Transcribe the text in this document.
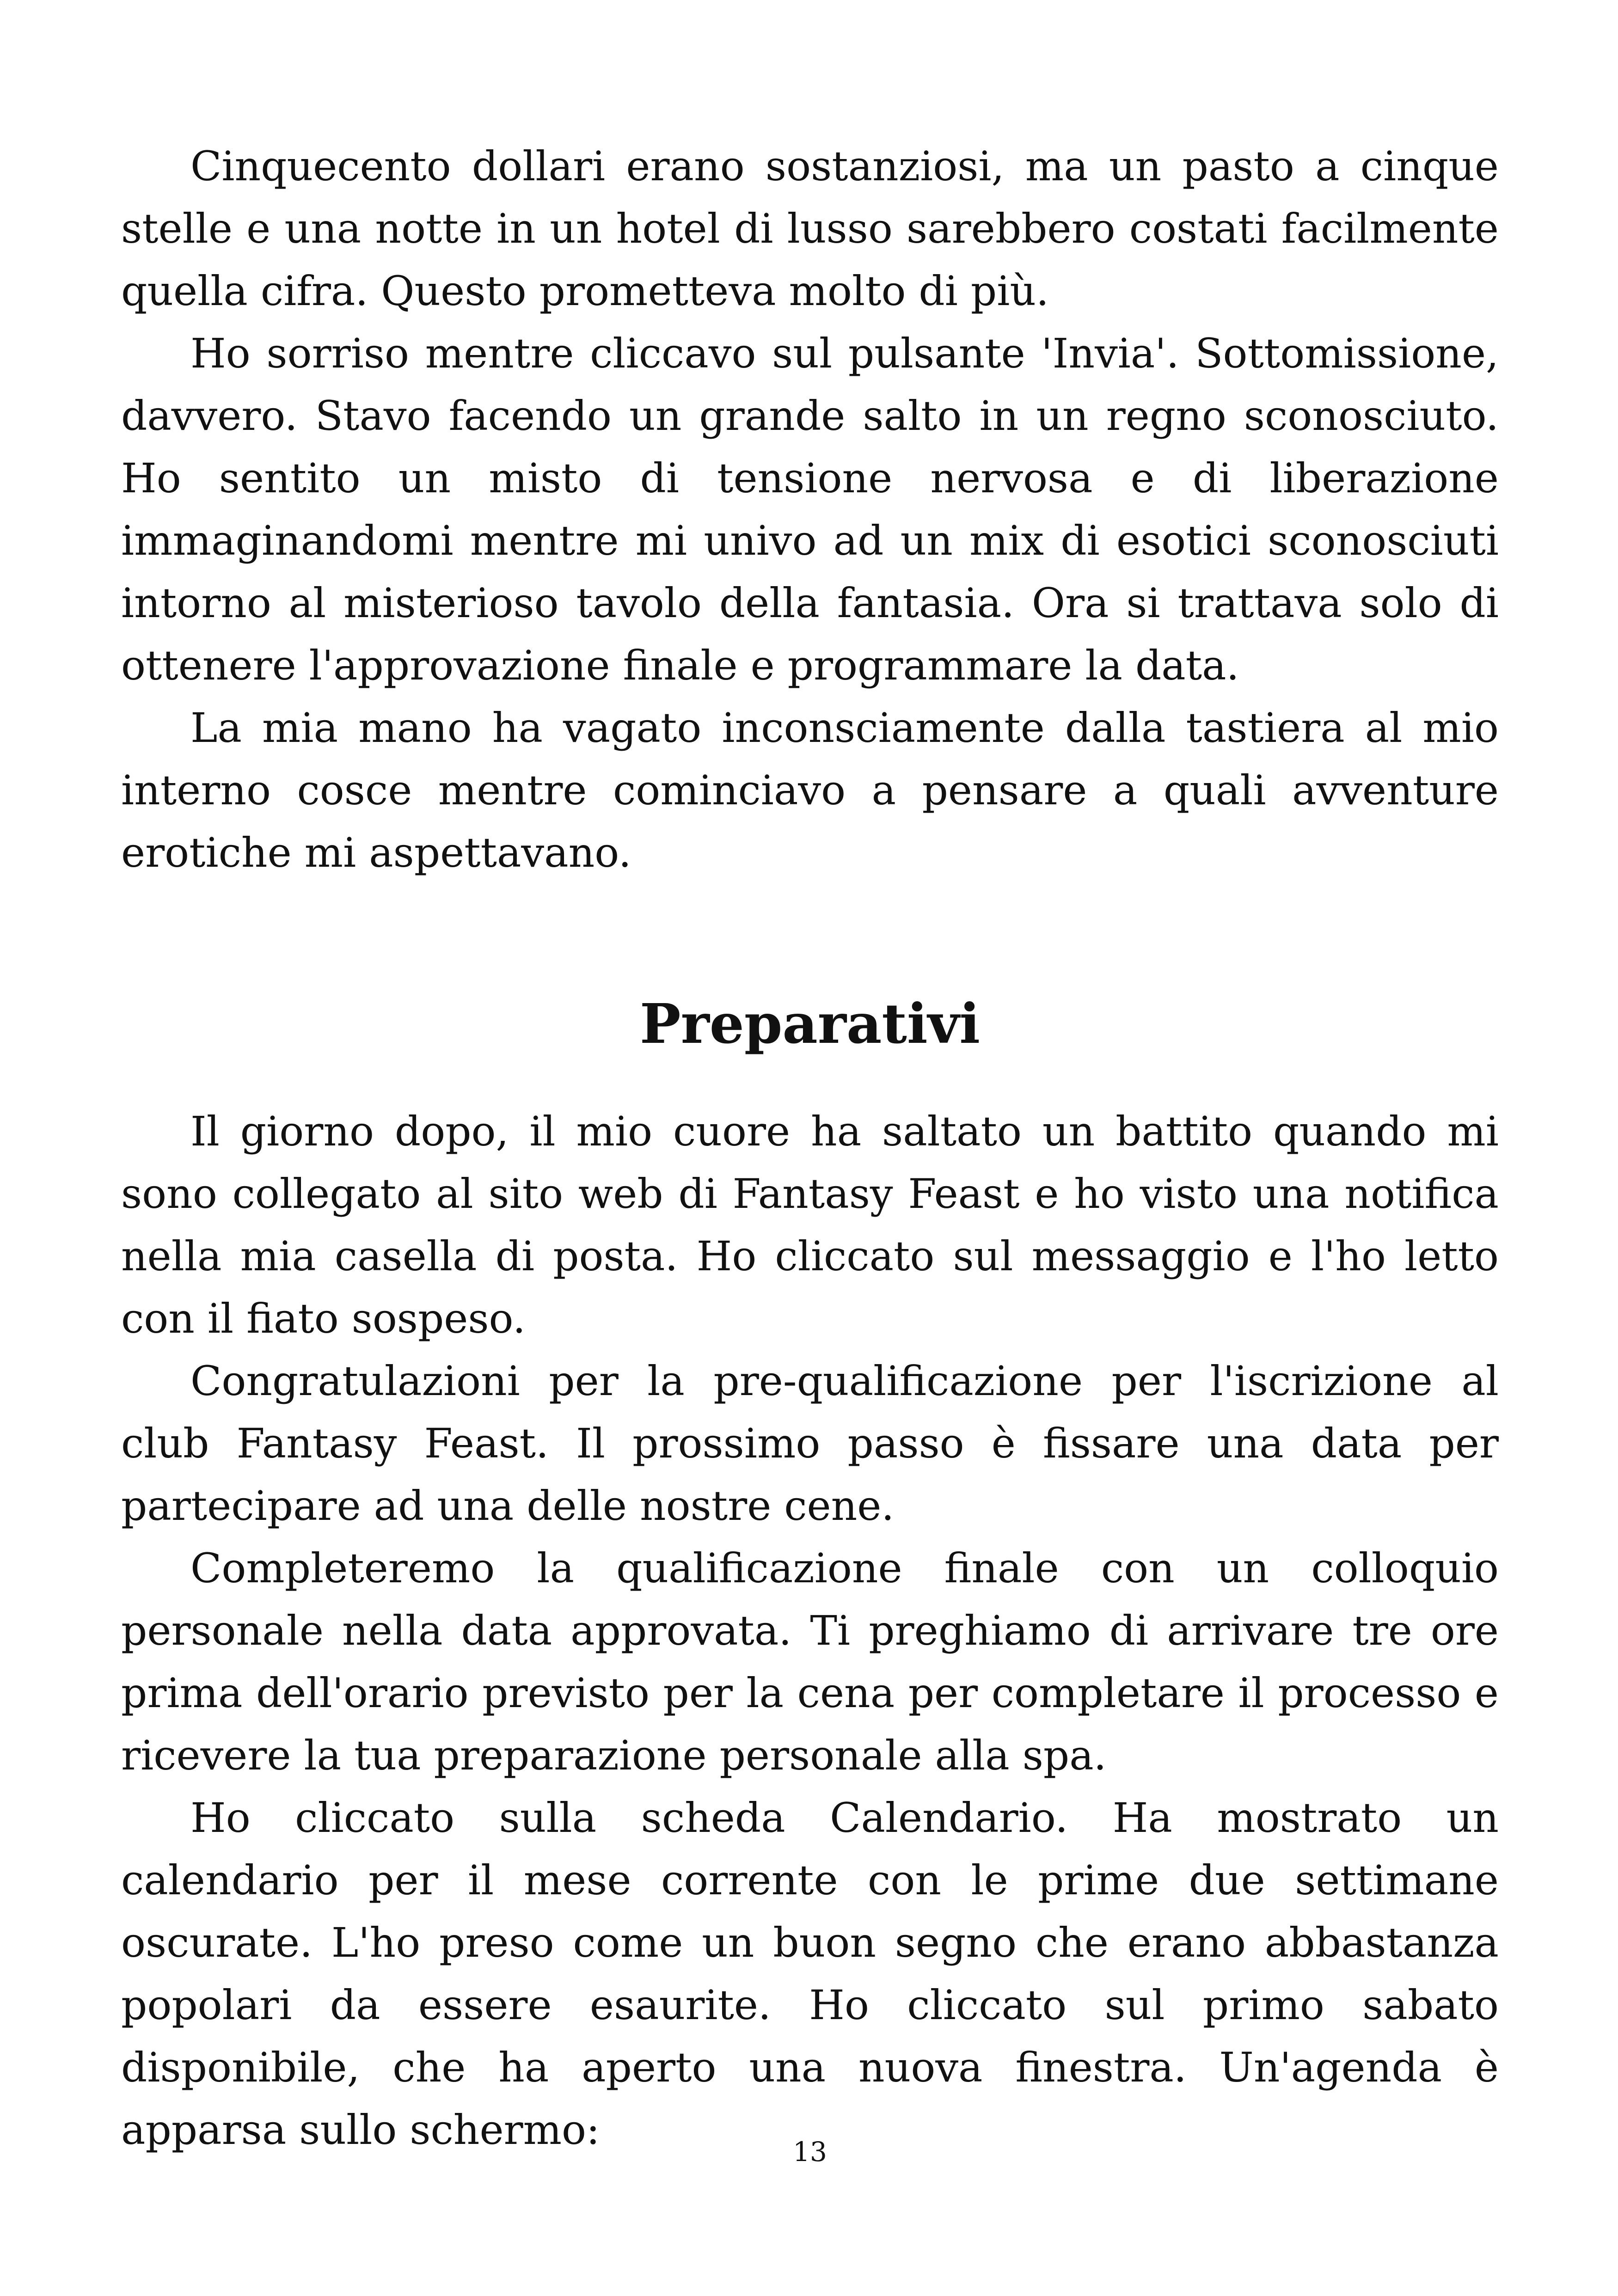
Cinquecento dollari erano sostanziosi, ma un pasto a cinque stelle e una notte in un hotel di lusso sarebbero costati facilmente quella cifra. Questo prometteva molto di più.

Ho sorriso mentre cliccavo sul pulsante 'Invia'. Sottomissione, davvero. Stavo facendo un grande salto in un regno sconosciuto. Ho sentito un misto di tensione nervosa e di liberazione immaginandomi mentre mi univo ad un mix di esotici sconosciuti intorno al misterioso tavolo della fantasia. Ora si trattava solo di ottenere l'approvazione finale e programmare la data.

La mia mano ha vagato inconsciamente dalla tastiera al mio interno cosce mentre cominciavo a pensare a quali avventure erotiche mi aspettavano.

Preparativi

Il giorno dopo, il mio cuore ha saltato un battito quando mi sono collegato al sito web di Fantasy Feast e ho visto una notifica nella mia casella di posta. Ho cliccato sul messaggio e l'ho letto con il fiato sospeso.

Congratulazioni per la pre-qualificazione per l'iscrizione al club Fantasy Feast. Il prossimo passo è fissare una data per partecipare ad una delle nostre cene.

Completeremo la qualificazione finale con un colloquio personale nella data approvata. Ti preghiamo di arrivare tre ore prima dell'orario previsto per la cena per completare il processo e ricevere la tua preparazione personale alla spa.

Ho cliccato sulla scheda Calendario. Ha mostrato un calendario per il mese corrente con le prime due settimane oscurate. L'ho preso come un buon segno che erano abbastanza popolari da essere esaurite. Ho cliccato sul primo sabato disponibile, che ha aperto una nuova finestra. Un'agenda è apparsa sullo schermo:	13
